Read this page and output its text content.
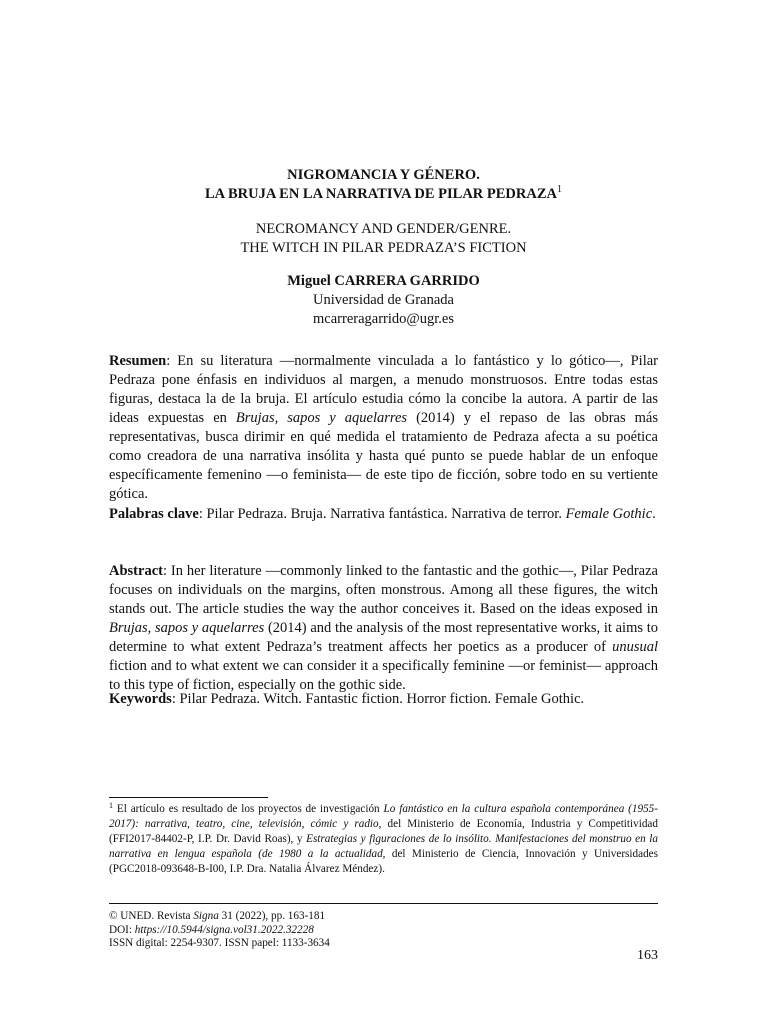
NIGROMANCIA Y GÉNERO.
LA BRUJA EN LA NARRATIVA DE PILAR PEDRAZA$^1$
NECROMANCY AND GENDER/GENRE.
THE WITCH IN PILAR PEDRAZA’S FICTION
Miguel CARRERA GARRIDO
Universidad de Granada
mcarreragarrido@ugr.es
Resumen: En su literatura —normalmente vinculada a lo fantástico y lo gótico—, Pilar Pedraza pone énfasis en individuos al margen, a menudo monstruosos. Entre todas estas figuras, destaca la de la bruja. El artículo estudia cómo la concibe la autora. A partir de las ideas expuestas en Brujas, sapos y aquelarres (2014) y el repaso de las obras más representativas, busca dirimir en qué medida el tratamiento de Pedraza afecta a su poética como creadora de una narrativa insólita y hasta qué punto se puede hablar de un enfoque específicamente femenino —o feminista— de este tipo de ficción, sobre todo en su vertiente gótica.
Palabras clave: Pilar Pedraza. Bruja. Narrativa fantástica. Narrativa de terror. Female Gothic.
Abstract: In her literature —commonly linked to the fantastic and the gothic—, Pilar Pedraza focuses on individuals on the margins, often monstrous. Among all these figures, the witch stands out. The article studies the way the author conceives it. Based on the ideas exposed in Brujas, sapos y aquelarres (2014) and the analysis of the most representative works, it aims to determine to what extent Pedraza’s treatment affects her poetics as a producer of unusual fiction and to what extent we can consider it a specifically feminine —or feminist— approach to this type of fiction, especially on the gothic side.
Keywords: Pilar Pedraza. Witch. Fantastic fiction. Horror fiction. Female Gothic.
$^1$ El artículo es resultado de los proyectos de investigación Lo fantástico en la cultura española contemporánea (1955-2017): narrativa, teatro, cine, televisión, cómic y radio, del Ministerio de Economía, Industria y Competitividad (FFI2017-84402-P, I.P. Dr. David Roas), y Estrategias y figuraciones de lo insólito. Manifestaciones del monstruo en la narrativa en lengua española (de 1980 a la actualidad, del Ministerio de Ciencia, Innovación y Universidades (PGC2018-093648-B-I00, I.P. Dra. Natalia Álvarez Méndez).
© UNED. Revista Signa 31 (2022), pp. 163-181
DOI: https://10.5944/signa.vol31.2022.32228
ISSN digital: 2254-9307. ISSN papel: 1133-3634
163
